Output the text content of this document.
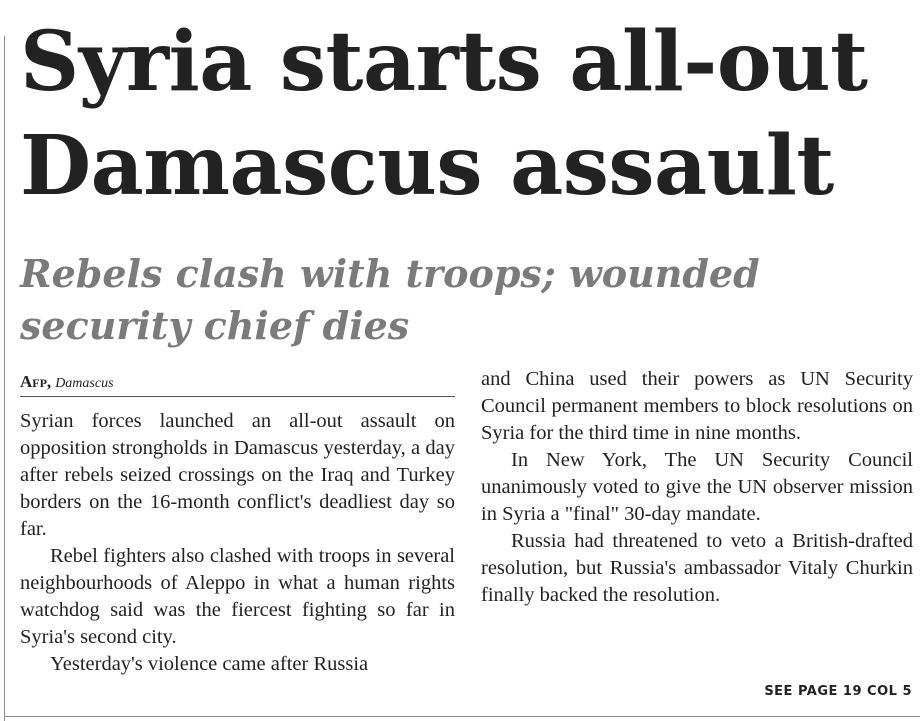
Syria starts all-out Damascus assault
Rebels clash with troops; wounded security chief dies
Afp, Damascus

Syrian forces launched an all-out assault on opposition strongholds in Damascus yesterday, a day after rebels seized crossings on the Iraq and Turkey borders on the 16-month conflict's deadliest day so far.

Rebel fighters also clashed with troops in several neighbourhoods of Aleppo in what a human rights watchdog said was the fiercest fighting so far in Syria's second city.

Yesterday's violence came after Russia

and China used their powers as UN Security Council permanent members to block resolutions on Syria for the third time in nine months.

In New York, The UN Security Council unanimously voted to give the UN observer mission in Syria a "final" 30-day mandate.

Russia had threatened to veto a British-drafted resolution, but Russia's ambassador Vitaly Churkin finally backed the resolution.

SEE PAGE 19 COL 5
